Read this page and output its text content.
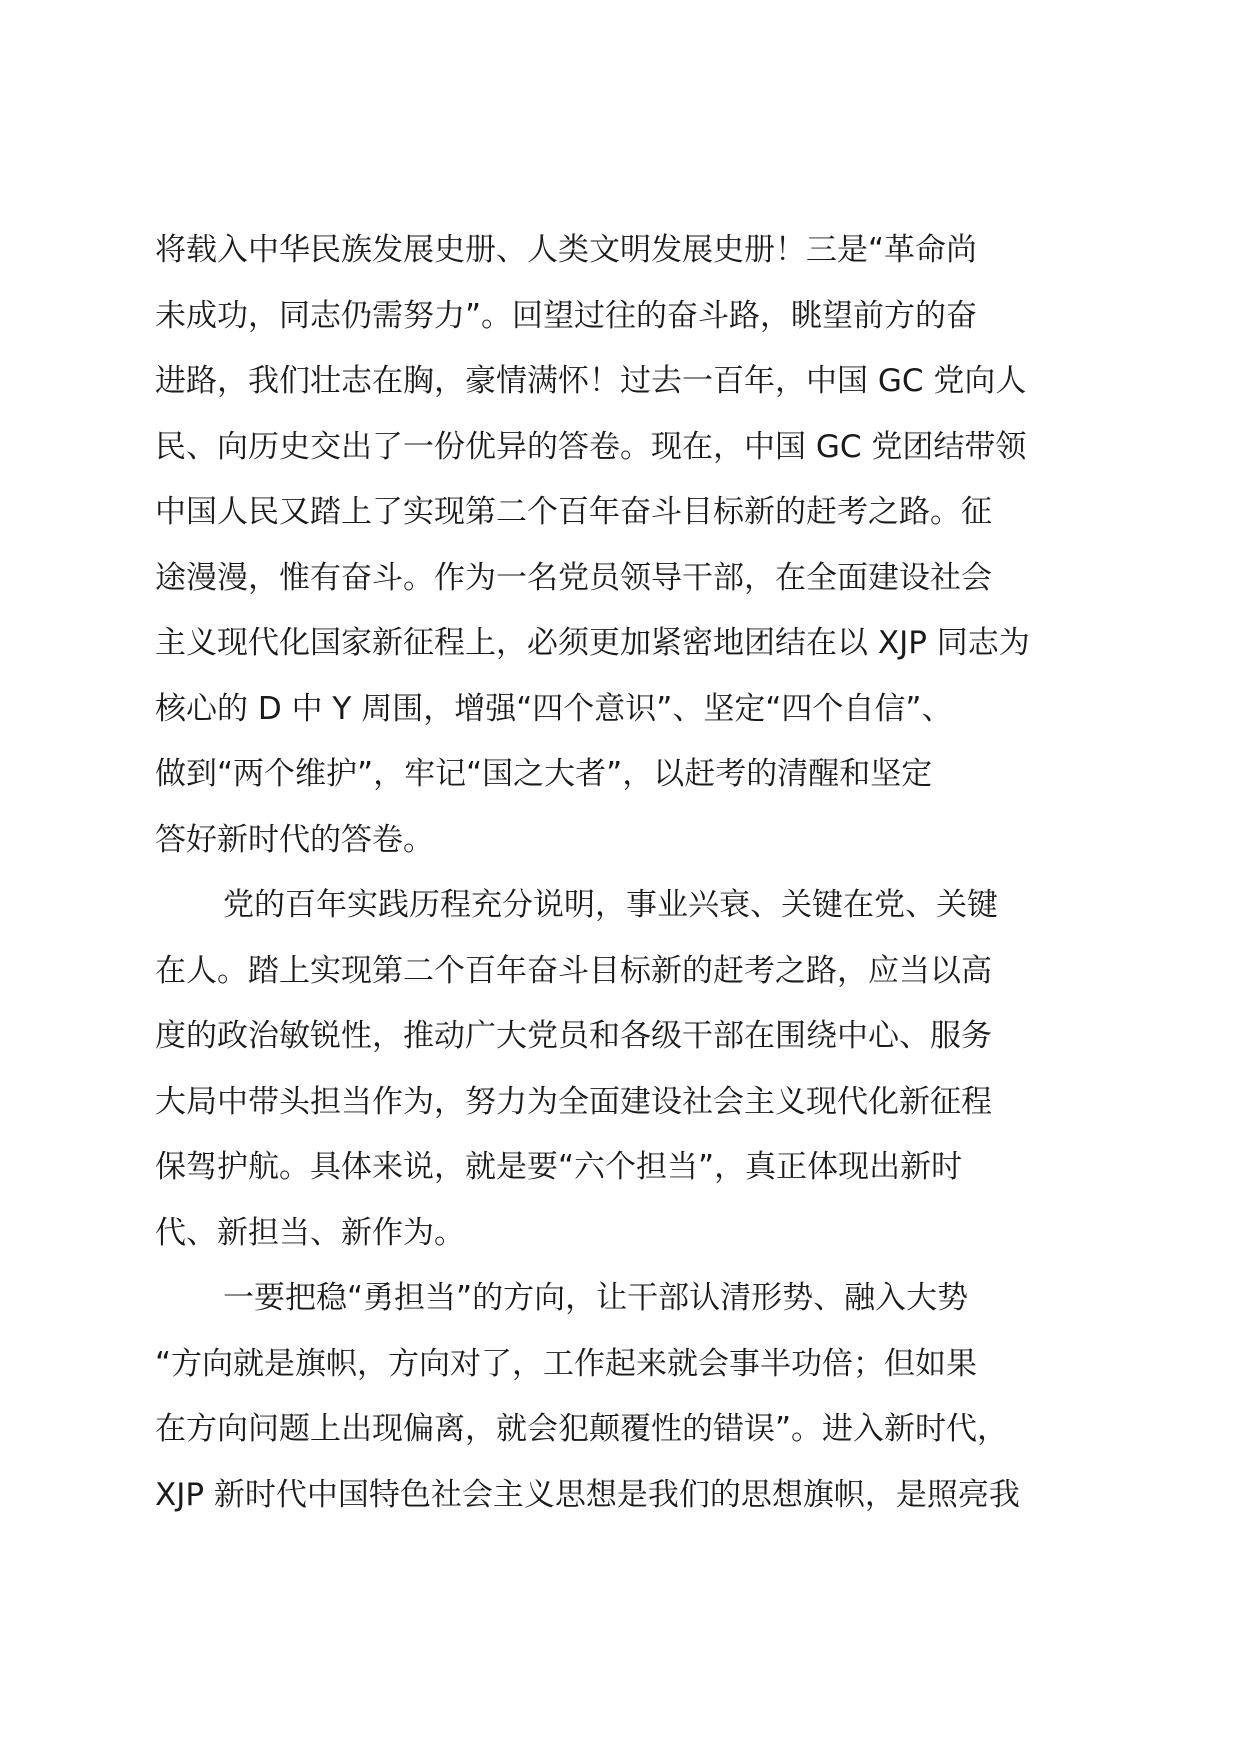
将载入中华民族发展史册、人类文明发展史册！三是“革命尚
未成功，同志仍需努力”。回望过往的奋斗路，眺望前方的奋
进路，我们壮志在胸，豪情满怀！过去一百年，中国 GC 党向人
民、向历史交出了一份优异的答卷。现在，中国 GC 党团结带领
中国人民又踏上了实现第二个百年奋斗目标新的赶考之路。征
途漫漫，惟有奋斗。作为一名党员领导干部，在全面建设社会
主义现代化国家新征程上，必须更加紧密地团结在以 XJP 同志为
核心的 D 中 Y 周围，增强“四个意识”、坚定“四个自信”、
做到“两个维护”，牢记“国之大者”，以赶考的清醒和坚定
答好新时代的答卷。
党的百年实践历程充分说明，事业兴衰、关键在党、关键
在人。踏上实现第二个百年奋斗目标新的赶考之路，应当以高
度的政治敏锐性，推动广大党员和各级干部在围绕中心、服务
大局中带头担当作为，努力为全面建设社会主义现代化新征程
保驾护航。具体来说，就是要“六个担当”，真正体现出新时
代、新担当、新作为。
一要把稳“勇担当”的方向，让干部认清形势、融入大势
“方向就是旗帜，方向对了，工作起来就会事半功倍；但如果
在方向问题上出现偏离，就会犯颠覆性的错误”。进入新时代，
XJP 新时代中国特色社会主义思想是我们的思想旗帜，是照亮我
